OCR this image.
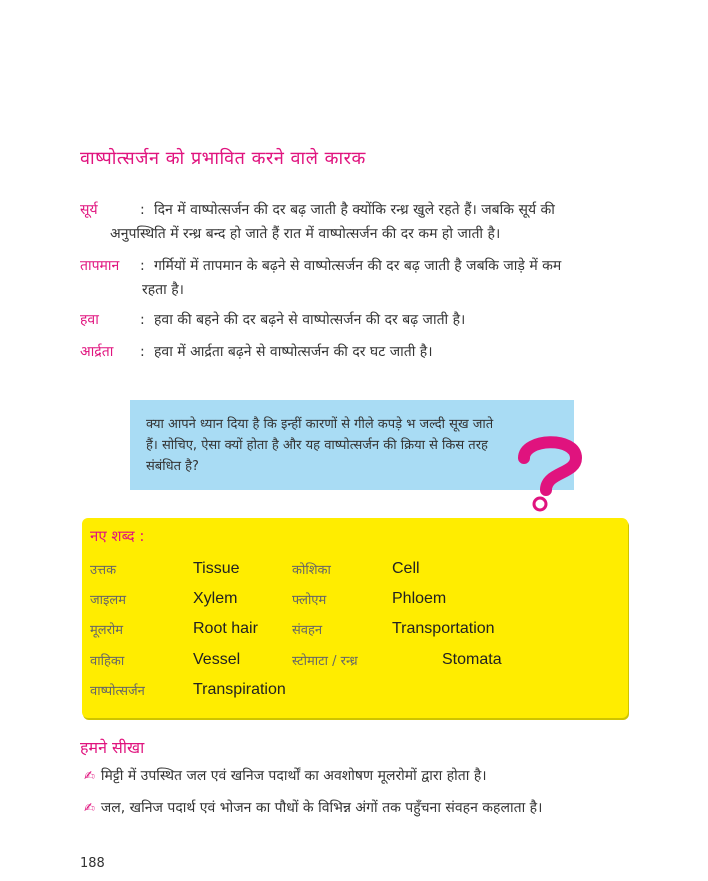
वाष्पोत्सर्जन को प्रभावित करने वाले कारक
सूर्य	: दिन में वाष्पोत्सर्जन की दर बढ़ जाती है क्योंकि रन्ध्र खुले रहते हैं। जबकि सूर्य की
अनुपस्थिति में रन्ध्र बन्द हो जाते हैं रात में वाष्पोत्सर्जन की दर कम हो जाती है।
तापमान : गर्मियों में तापमान के बढ़ने से वाष्पोत्सर्जन की दर बढ़ जाती है जबकि जाड़े में कम
रहता है।
हवा	: हवा की बहने की दर बढ़ने से वाष्पोत्सर्जन की दर बढ़ जाती है।
आर्द्रता : हवा में आर्द्रता बढ़ने से वाष्पोत्सर्जन की दर घट जाती है।
क्या आपने ध्यान दिया है कि इन्हीं कारणों से गीले कपड़े भ जल्दी सूख जाते हैं। सोचिए, ऐसा क्यों होता है और यह वाष्पोत्सर्जन की क्रिया से किस तरह संबंधित है?
नए शब्द :
उत्तक	Tissue	कोशिका	Cell
जाइलम	Xylem	फ्लोएम	Phloem
मूलरोम	Root hair	संवहन	Transportation
वाहिका	Vessel	स्टोमाटा / रन्ध्र	Stomata
वाष्पोत्सर्जन	Transpiration
हमने सीखा
✍ मिट्टी में उपस्थित जल एवं खनिज पदार्थों का अवशोषण मूलरोमों द्वारा होता है।
✍ जल, खनिज पदार्थ एवं भोजन का पौधों के विभिन्न अंगों तक पहुँचना संवहन कहलाता है।
188
